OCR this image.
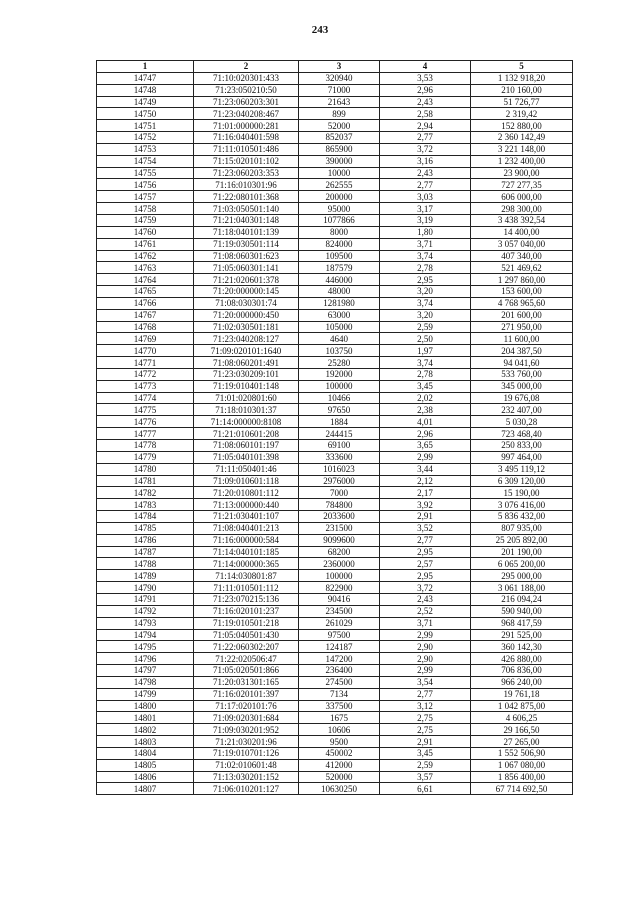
243
1	2	3	4	5
14747	71:10:020301:433	320940	3,53	1 132 918,20
14748	71:23:050210:50	71000	2,96	210 160,00
14749	71:23:060203:301	21643	2,43	51 726,77
14750	71:23:040208:467	899	2,58	2 319,42
14751	71:01:000000:281	52000	2,94	152 880,00
14752	71:16:040401:598	852037	2,77	2 360 142,49
14753	71:11:010501:486	865900	3,72	3 221 148,00
14754	71:15:020101:102	390000	3,16	1 232 400,00
14755	71:23:060203:353	10000	2,43	23 900,00
14756	71:16:010301:96	262555	2,77	727 277,35
14757	71:22:080101:368	200000	3,03	606 000,00
14758	71:03:050501:140	95000	3,17	298 300,00
14759	71:21:040301:148	1077866	3,19	3 438 392,54
14760	71:18:040101:139	8000	1,80	14 400,00
14761	71:19:030501:114	824000	3,71	3 057 040,00
14762	71:08:060301:623	109500	3,74	407 340,00
14763	71:05:060301:141	187579	2,78	521 469,62
14764	71:21:020601:378	446000	2,95	1 297 860,00
14765	71:20:000000:145	48000	3,20	153 600,00
14766	71:08:030301:74	1281980	3,74	4 768 965,60
14767	71:20:000000:450	63000	3,20	201 600,00
14768	71:02:030501:181	105000	2,59	271 950,00
14769	71:23:040208:127	4640	2,50	11 600,00
14770	71:09:020101:1640	103750	1,97	204 387,50
14771	71:08:060201:491	25280	3,74	94 041,60
14772	71:23:030209:101	192000	2,78	533 760,00
14773	71:19:010401:148	100000	3,45	345 000,00
14774	71:01:020801:60	10466	2,02	19 676,08
14775	71:18:010301:37	97650	2,38	232 407,00
14776	71:14:000000:8108	1884	4,01	5 030,28
14777	71:21:010601:208	244415	2,96	723 468,40
14778	71:08:060101:197	69100	3,65	250 833,00
14779	71:05:040101:398	333600	2,99	997 464,00
14780	71:11:050401:46	1016023	3,44	3 495 119,12
14781	71:09:010601:118	2976000	2,12	6 309 120,00
14782	71:20:010801:112	7000	2,17	15 190,00
14783	71:13:000000:440	784800	3,92	3 076 416,00
14784	71:21:030401:107	2033600	2,91	5 836 432,00
14785	71:08:040401:213	231500	3,52	807 935,00
14786	71:16:000000:584	9099600	2,77	25 205 892,00
14787	71:14:040101:185	68200	2,95	201 190,00
14788	71:14:000000:365	2360000	2,57	6 065 200,00
14789	71:14:030801:87	100000	2,95	295 000,00
14790	71:11:010501:112	822900	3,72	3 061 188,00
14791	71:23:070215:136	90416	2,43	216 094,24
14792	71:16:020101:237	234500	2,52	590 940,00
14793	71:19:010501:218	261029	3,71	968 417,59
14794	71:05:040501:430	97500	2,99	291 525,00
14795	71:22:060302:207	124187	2,90	360 142,30
14796	71:22:020506:47	147200	2,90	426 880,00
14797	71:05:020501:866	236400	2,99	706 836,00
14798	71:20:031301:165	274500	3,54	966 240,00
14799	71:16:020101:397	7134	2,77	19 761,18
14800	71:17:020101:76	337500	3,12	1 042 875,00
14801	71:09:020301:684	1675	2,75	4 606,25
14802	71:09:030201:952	10606	2,75	29 166,50
14803	71:21:030201:96	9500	2,91	27 265,00
14804	71:19:010701:126	450002	3,45	1 552 506,90
14805	71:02:010601:48	412000	2,59	1 067 080,00
14806	71:13:030201:152	520000	3,57	1 856 400,00
14807	71:06:010201:127	10630250	6,61	67 714 692,50
